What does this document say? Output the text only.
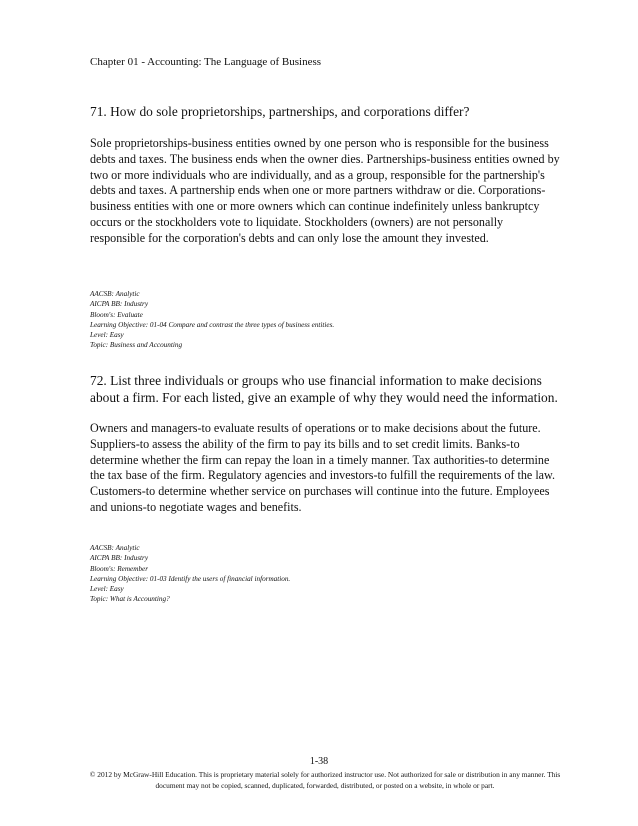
Chapter 01 - Accounting: The Language of Business

71. How do sole proprietorships, partnerships, and corporations differ?

Sole proprietorships-business entities owned by one person who is responsible for the business debts and taxes. The business ends when the owner dies. Partnerships-business entities owned by two or more individuals who are individually, and as a group, responsible for the partnership's debts and taxes. A partnership ends when one or more partners withdraw or die. Corporations-business entities with one or more owners which can continue indefinitely unless bankruptcy occurs or the stockholders vote to liquidate. Stockholders (owners) are not personally responsible for the corporation's debts and can only lose the amount they invested.

AACSB: Analytic
AICPA BB: Industry
Bloom's: Evaluate
Learning Objective: 01-04 Compare and contrast the three types of business entities.
Level: Easy
Topic: Business and Accounting

72. List three individuals or groups who use financial information to make decisions about a firm. For each listed, give an example of why they would need the information.

Owners and managers-to evaluate results of operations or to make decisions about the future. Suppliers-to assess the ability of the firm to pay its bills and to set credit limits. Banks-to determine whether the firm can repay the loan in a timely manner. Tax authorities-to determine the tax base of the firm. Regulatory agencies and investors-to fulfill the requirements of the law. Customers-to determine whether service on purchases will continue into the future. Employees and unions-to negotiate wages and benefits.

AACSB: Analytic
AICPA BB: Industry
Bloom's: Remember
Learning Objective: 01-03 Identify the users of financial information.
Level: Easy
Topic: What is Accounting?
1-38
© 2012 by McGraw-Hill Education. This is proprietary material solely for authorized instructor use. Not authorized for sale or distribution in any manner. This document may not be copied, scanned, duplicated, forwarded, distributed, or posted on a website, in whole or part.
